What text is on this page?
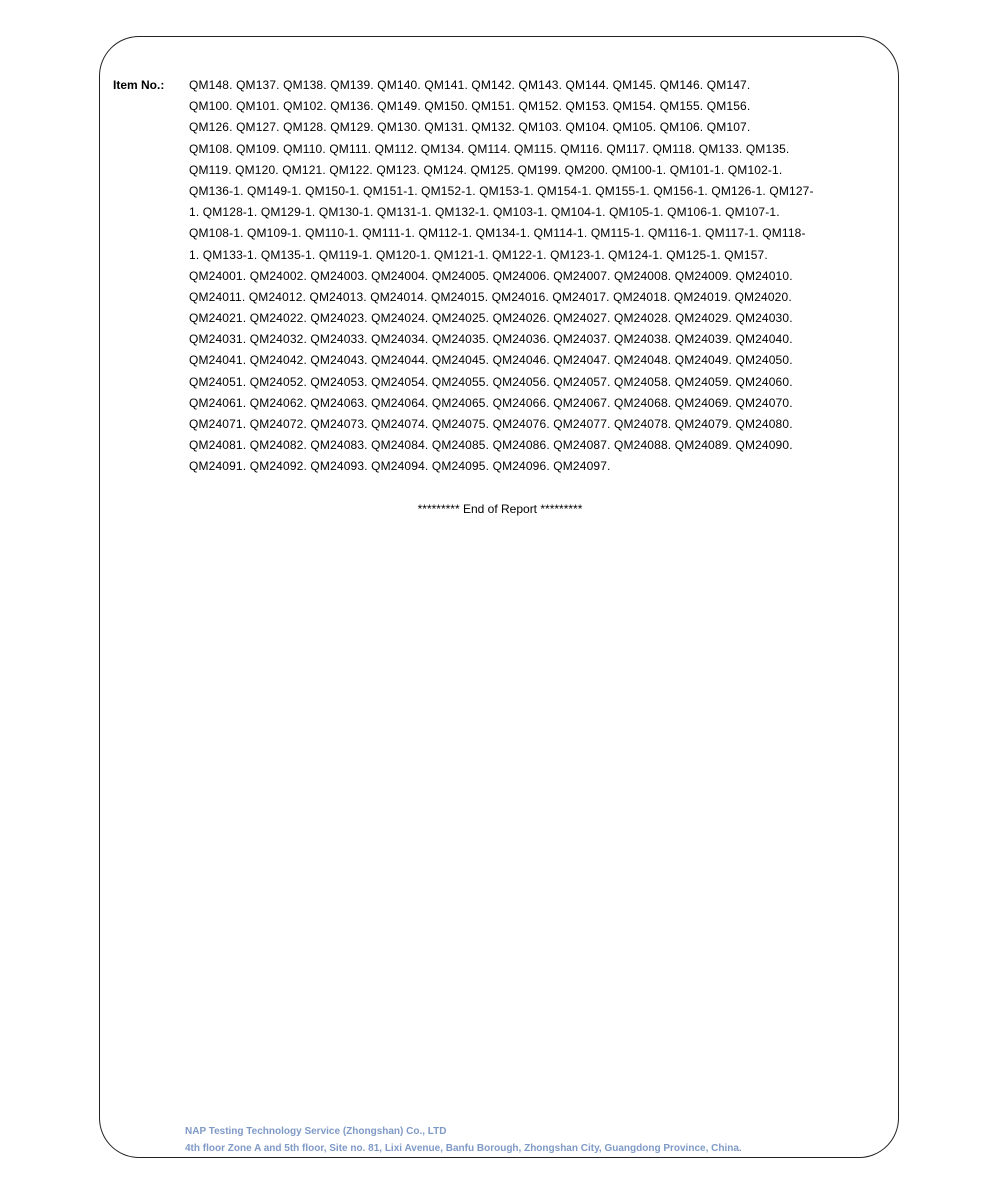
Item No.: QM148. QM137. QM138. QM139. QM140. QM141. QM142. QM143. QM144. QM145. QM146. QM147.
QM100. QM101. QM102. QM136. QM149. QM150. QM151. QM152. QM153. QM154. QM155. QM156.
QM126. QM127. QM128. QM129. QM130. QM131. QM132. QM103. QM104. QM105. QM106. QM107.
QM108. QM109. QM110. QM111. QM112. QM134. QM114. QM115. QM116. QM117. QM118. QM133. QM135.
QM119. QM120. QM121. QM122. QM123. QM124. QM125. QM199. QM200. QM100-1. QM101-1. QM102-1.
QM136-1. QM149-1. QM150-1. QM151-1. QM152-1. QM153-1. QM154-1. QM155-1. QM156-1. QM126-1. QM127-
1. QM128-1. QM129-1. QM130-1. QM131-1. QM132-1. QM103-1. QM104-1. QM105-1. QM106-1. QM107-1.
QM108-1. QM109-1. QM110-1. QM111-1. QM112-1. QM134-1. QM114-1. QM115-1. QM116-1. QM117-1. QM118-
1. QM133-1. QM135-1. QM119-1. QM120-1. QM121-1. QM122-1. QM123-1. QM124-1. QM125-1. QM157.
QM24001. QM24002. QM24003. QM24004. QM24005. QM24006. QM24007. QM24008. QM24009. QM24010.
QM24011. QM24012. QM24013. QM24014. QM24015. QM24016. QM24017. QM24018. QM24019. QM24020.
QM24021. QM24022. QM24023. QM24024. QM24025. QM24026. QM24027. QM24028. QM24029. QM24030.
QM24031. QM24032. QM24033. QM24034. QM24035. QM24036. QM24037. QM24038. QM24039. QM24040.
QM24041. QM24042. QM24043. QM24044. QM24045. QM24046. QM24047. QM24048. QM24049. QM24050.
QM24051. QM24052. QM24053. QM24054. QM24055. QM24056. QM24057. QM24058. QM24059. QM24060.
QM24061. QM24062. QM24063. QM24064. QM24065. QM24066. QM24067. QM24068. QM24069. QM24070.
QM24071. QM24072. QM24073. QM24074. QM24075. QM24076. QM24077. QM24078. QM24079. QM24080.
QM24081. QM24082. QM24083. QM24084. QM24085. QM24086. QM24087. QM24088. QM24089. QM24090.
QM24091. QM24092. QM24093. QM24094. QM24095. QM24096. QM24097.
********* End of Report *********
NAP Testing Technology Service (Zhongshan) Co., LTD
4th floor Zone A and 5th floor, Site no. 81, Lixi Avenue, Banfu Borough, Zhongshan City, Guangdong Province, China.
